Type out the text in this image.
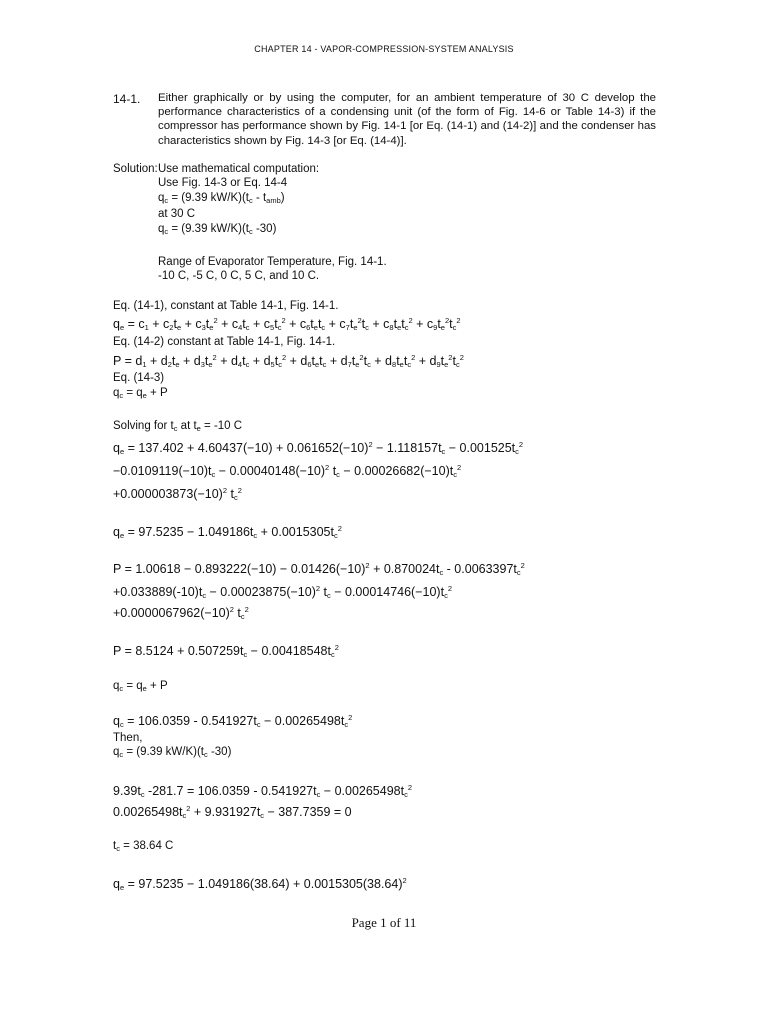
CHAPTER 14 - VAPOR-COMPRESSION-SYSTEM ANALYSIS
14-1. Either graphically or by using the computer, for an ambient temperature of 30 C develop the performance characteristics of a condensing unit (of the form of Fig. 14-6 or Table 14-3) if the compressor has performance shown by Fig. 14-1 [or Eq. (14-1) and (14-2)] and the condenser has characteristics shown by Fig. 14-3 [or Eq. (14-4)].
Solution: Use mathematical computation:
Use Fig. 14-3 or Eq. 14-4
$q_c = (9.39$ $kW/K)(t_c - t_{amb})$
at 30 C
$q_c = (9.39$ $kW/K)(t_c$ -30)
Range of Evaporator Temperature, Fig. 14-1.
-10 C, -5 C, 0 C, 5 C, and 10 C.
Eq. (14-1), constant at Table 14-1, Fig. 14-1.
$q_e = c_1 + c_2t_e + c_3t_e^2 + c_4t_c + c_5t_c^2 + c_6t_et_c + c_7t_e^2t_c + c_8t_et_c^2 + c_9t_e^2t_c^2$
Eq. (14-2) constant at Table 14-1, Fig. 14-1.
$P = d_1 + d_2t_e + d_3t_e^2 + d_4t_c + d_5t_c^2 + d_6t_et_c + d_7t_e^2t_c + d_8t_et_c^2 + d_9t_e^2t_c^2$
Eq. (14-3)
$q_c = q_e + P$
Solving for $t_c$ at $t_e = -10$ C
$q_e = 137.402 + 4.60437(-10) + 0.061652(-10)^2 - 1.118157t_c - 0.001525t_c^2$
$-0.0109119(-10)t_c - 0.00040148(-10)^2$ $t_c - 0.00026682(-10)t_c^2$
$+0.000003873(-10)^2$ $t_c^2$
$q_e = 97.5235 - 1.049186t_c + 0.0015305t_c^2$
$P = 1.00618 - 0.893222(-10) - 0.01426(-10)^2 + 0.870024t_c - 0.0063397t_c^2$
$+0.033889(-10)t_c - 0.00023875(-10)^2$ $t_c - 0.00014746(-10)t_c^2$
$+0.0000067962(-10)^2$ $t_c^2$
$P = 8.5124 + 0.507259t_c - 0.00418548t_c^2$
$q_c = q_e + P$
$q_c = 106.0359 - 0.541927t_c - 0.00265498t_c^2$
Then,
$q_c = (9.39$ $kW/K)(t_c$ -30)
$9.39t_c$ $-281.7 = 106.0359 - 0.541927t_c - 0.00265498t_c^2$
$0.00265498t_c^2 + 9.931927t_c - 387.7359 = 0$
$t_c = 38.64$ C
$q_e = 97.5235 - 1.049186(38.64) + 0.0015305(38.64)^2$
Page 1 of 11
